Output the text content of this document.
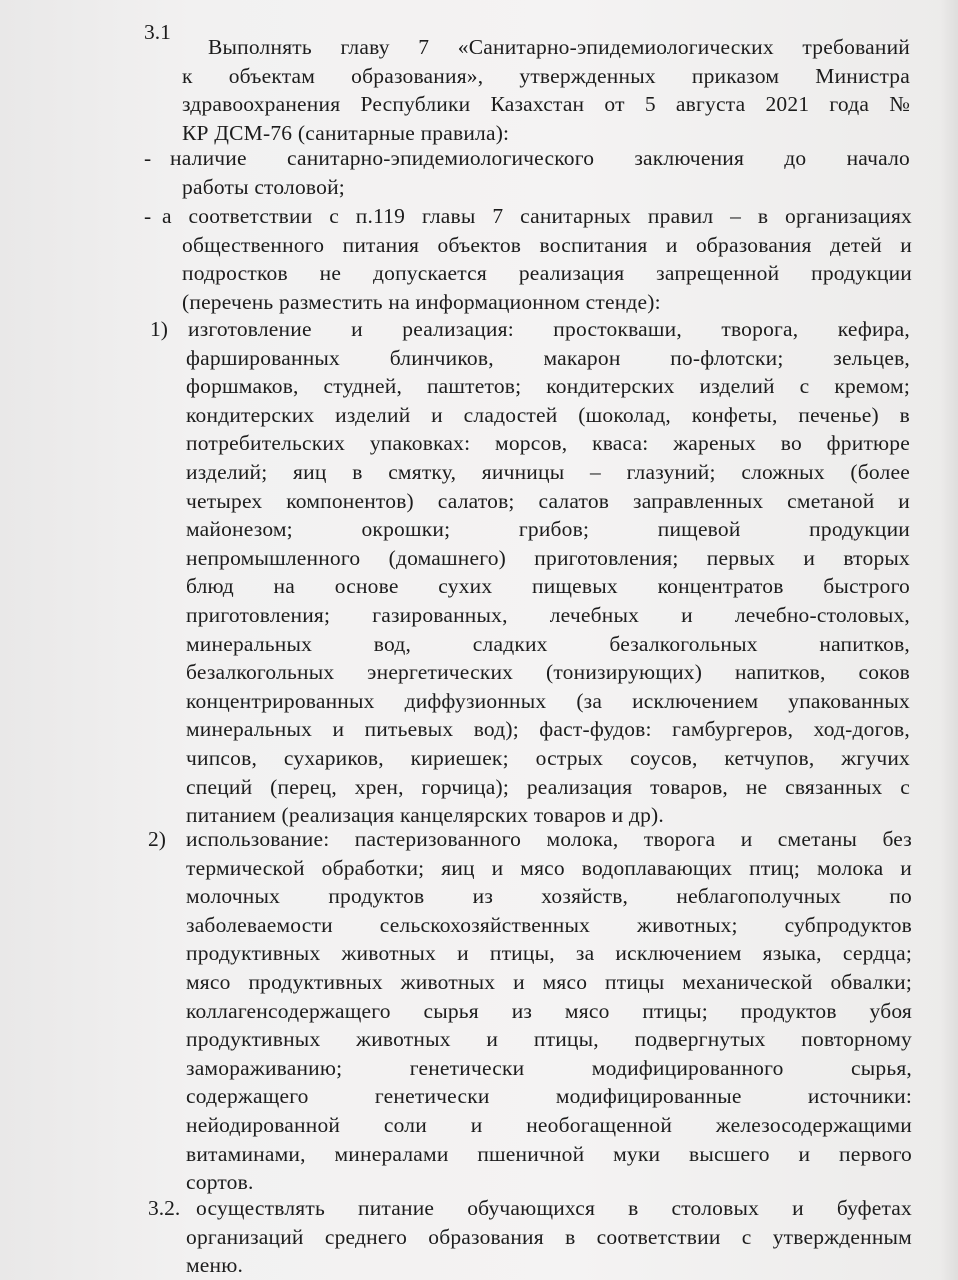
3.1

Выполнять главу 7 «Санитарно-эпидемиологических требований
к объектам образования», утвержденных приказом Министра
здравоохранения Республики Казахстан от 5 августа 2021 года №
КР ДСМ-76 (санитарные правила):

- наличие санитарно-эпидемиологического заключения до начало
работы столовой;

- а соответствии с п.119 главы 7 санитарных правил – в организациях
общественного питания объектов воспитания и образования детей и
подростков не допускается реализация запрещенной продукции
(перечень разместить на информационном стенде):

1) изготовление и реализация: простокваши, творога, кефира,
фаршированных блинчиков, макарон по-флотски; зельцев,
форшмаков, студней, паштетов; кондитерских изделий с кремом;
кондитерских изделий и сладостей (шоколад, конфеты, печенье) в
потребительских упаковках: морсов, кваса: жареных во фритюре
изделий; яиц в смятку, яичницы – глазуний; сложных (более
четырех компонентов) салатов; салатов заправленных сметаной и
майонезом; окрошки; грибов; пищевой продукции
непромышленного (домашнего) приготовления; первых и вторых
блюд на основе сухих пищевых концентратов быстрого
приготовления; газированных, лечебных и лечебно-столовых,
минеральных вод, сладких безалкогольных напитков,
безалкогольных энергетических (тонизирующих) напитков, соков
концентрированных диффузионных (за исключением упакованных
минеральных и питьевых вод); фаст-фудов: гамбургеров, ход-догов,
чипсов, сухариков, кириешек; острых соусов, кетчупов, жгучих
специй (перец, хрен, горчица); реализация товаров, не связанных с
питанием (реализация канцелярских товаров и др).

2) использование: пастеризованного молока, творога и сметаны без
термической обработки; яиц и мясо водоплавающих птиц; молока и
молочных продуктов из хозяйств, неблагополучных по
заболеваемости сельскохозяйственных животных; субпродуктов
продуктивных животных и птицы, за исключением языка, сердца;
мясо продуктивных животных и мясо птицы механической обвалки;
коллагенсодержащего сырья из мясо птицы; продуктов убоя
продуктивных животных и птицы, подвергнутых повторному
замораживанию; генетически модифицированного сырья,
содержащего генетически модифицированные источники:
нейодированной соли и необогащенной железосодержащими
витаминами, минералами пшеничной муки высшего и первого
сортов.

3.2. осуществлять питание обучающихся в столовых и буфетах
организаций среднего образования в соответствии с утвержденным
меню.
